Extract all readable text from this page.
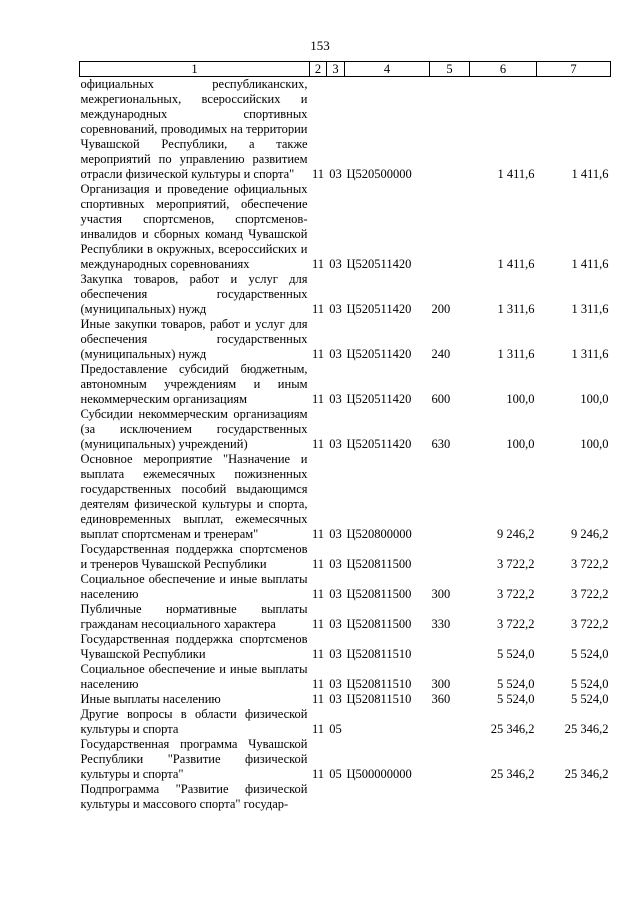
153
1	2	3	4	5	6	7
официальных республиканских, межрегиональных, всероссийских и международных спортивных соревнований, проводимых на территории Чувашской Республики, а также мероприятий по управлению развитием отрасли физической культуры и спорта"	11	03	Ц520500000		1 411,6	1 411,6
Организация и проведение официальных спортивных мероприятий, обеспечение участия спортсменов, спортсменов-инвалидов и сборных команд Чувашской Республики в окружных, всероссийских и международных соревнованиях	11	03	Ц520511420		1 411,6	1 411,6
Закупка товаров, работ и услуг для обеспечения государственных (муниципальных) нужд	11	03	Ц520511420	200	1 311,6	1 311,6
Иные закупки товаров, работ и услуг для обеспечения государственных (муниципальных) нужд	11	03	Ц520511420	240	1 311,6	1 311,6
Предоставление субсидий бюджетным, автономным учреждениям и иным некоммерческим организациям	11	03	Ц520511420	600	100,0	100,0
Субсидии некоммерческим организациям (за исключением государственных (муниципальных) учреждений)	11	03	Ц520511420	630	100,0	100,0
Основное мероприятие "Назначение и выплата ежемесячных пожизненных государственных пособий выдающимся деятелям физической культуры и спорта, единовременных выплат, ежемесячных выплат спортсменам и тренерам"	11	03	Ц520800000		9 246,2	9 246,2
Государственная поддержка спортсменов и тренеров Чувашской Республики	11	03	Ц520811500		3 722,2	3 722,2
Социальное обеспечение и иные выплаты населению	11	03	Ц520811500	300	3 722,2	3 722,2
Публичные нормативные выплаты гражданам несоциального характера	11	03	Ц520811500	330	3 722,2	3 722,2
Государственная поддержка спортсменов Чувашской Республики	11	03	Ц520811510		5 524,0	5 524,0
Социальное обеспечение и иные выплаты населению	11	03	Ц520811510	300	5 524,0	5 524,0
Иные выплаты населению	11	03	Ц520811510	360	5 524,0	5 524,0
Другие вопросы в области физической культуры и спорта	11	05			25 346,2	25 346,2
Государственная программа Чувашской Республики "Развитие физической культуры и спорта"	11	05	Ц500000000		25 346,2	25 346,2
Подпрограмма "Развитие физической культуры и массового спорта" государ-						
